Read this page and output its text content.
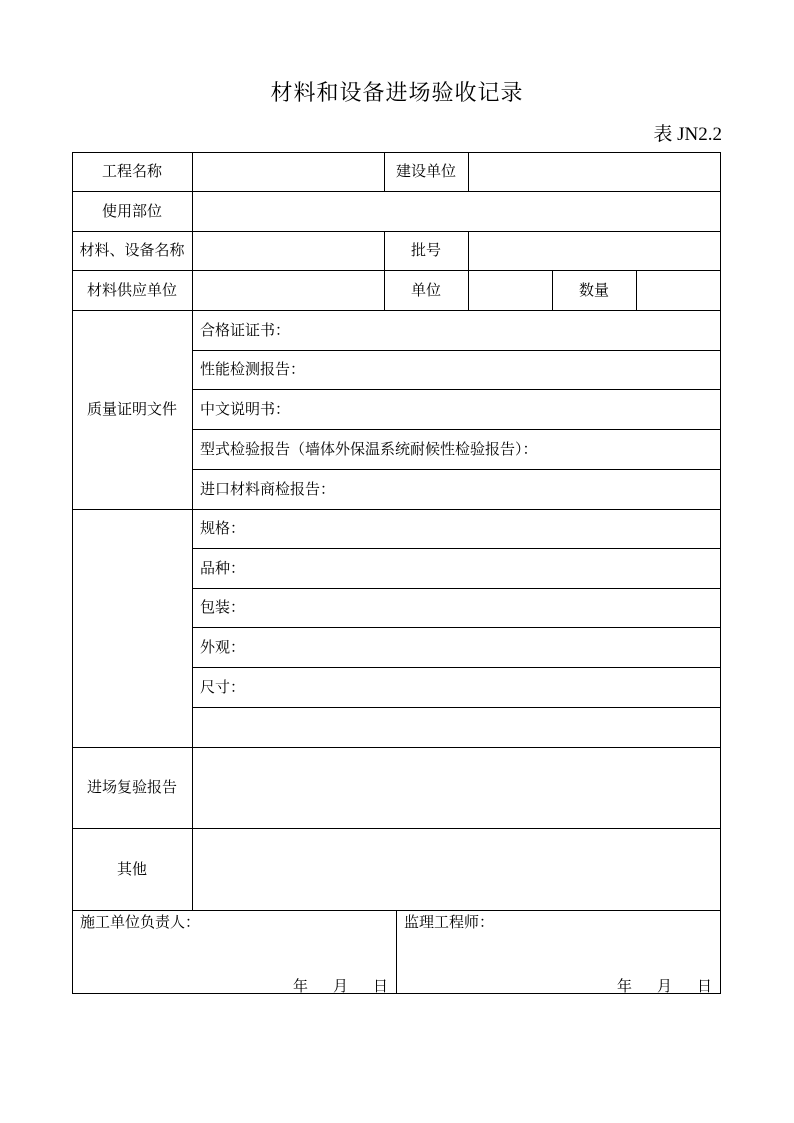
材料和设备进场验收记录
表 JN2.2
工程名称	建设单位
使用部位
材料、设备名称	批号
材料供应单位	单位	数量
质量证明文件
合格证证书：
性能检测报告：
中文说明书：
型式检验报告（墙体外保温系统耐候性检验报告）：
进口材料商检报告：
规格：
品种：
包装：
外观：
尺寸：
进场复验报告
其他
施工单位负责人：	监理工程师：
年 月 日	年 月 日
